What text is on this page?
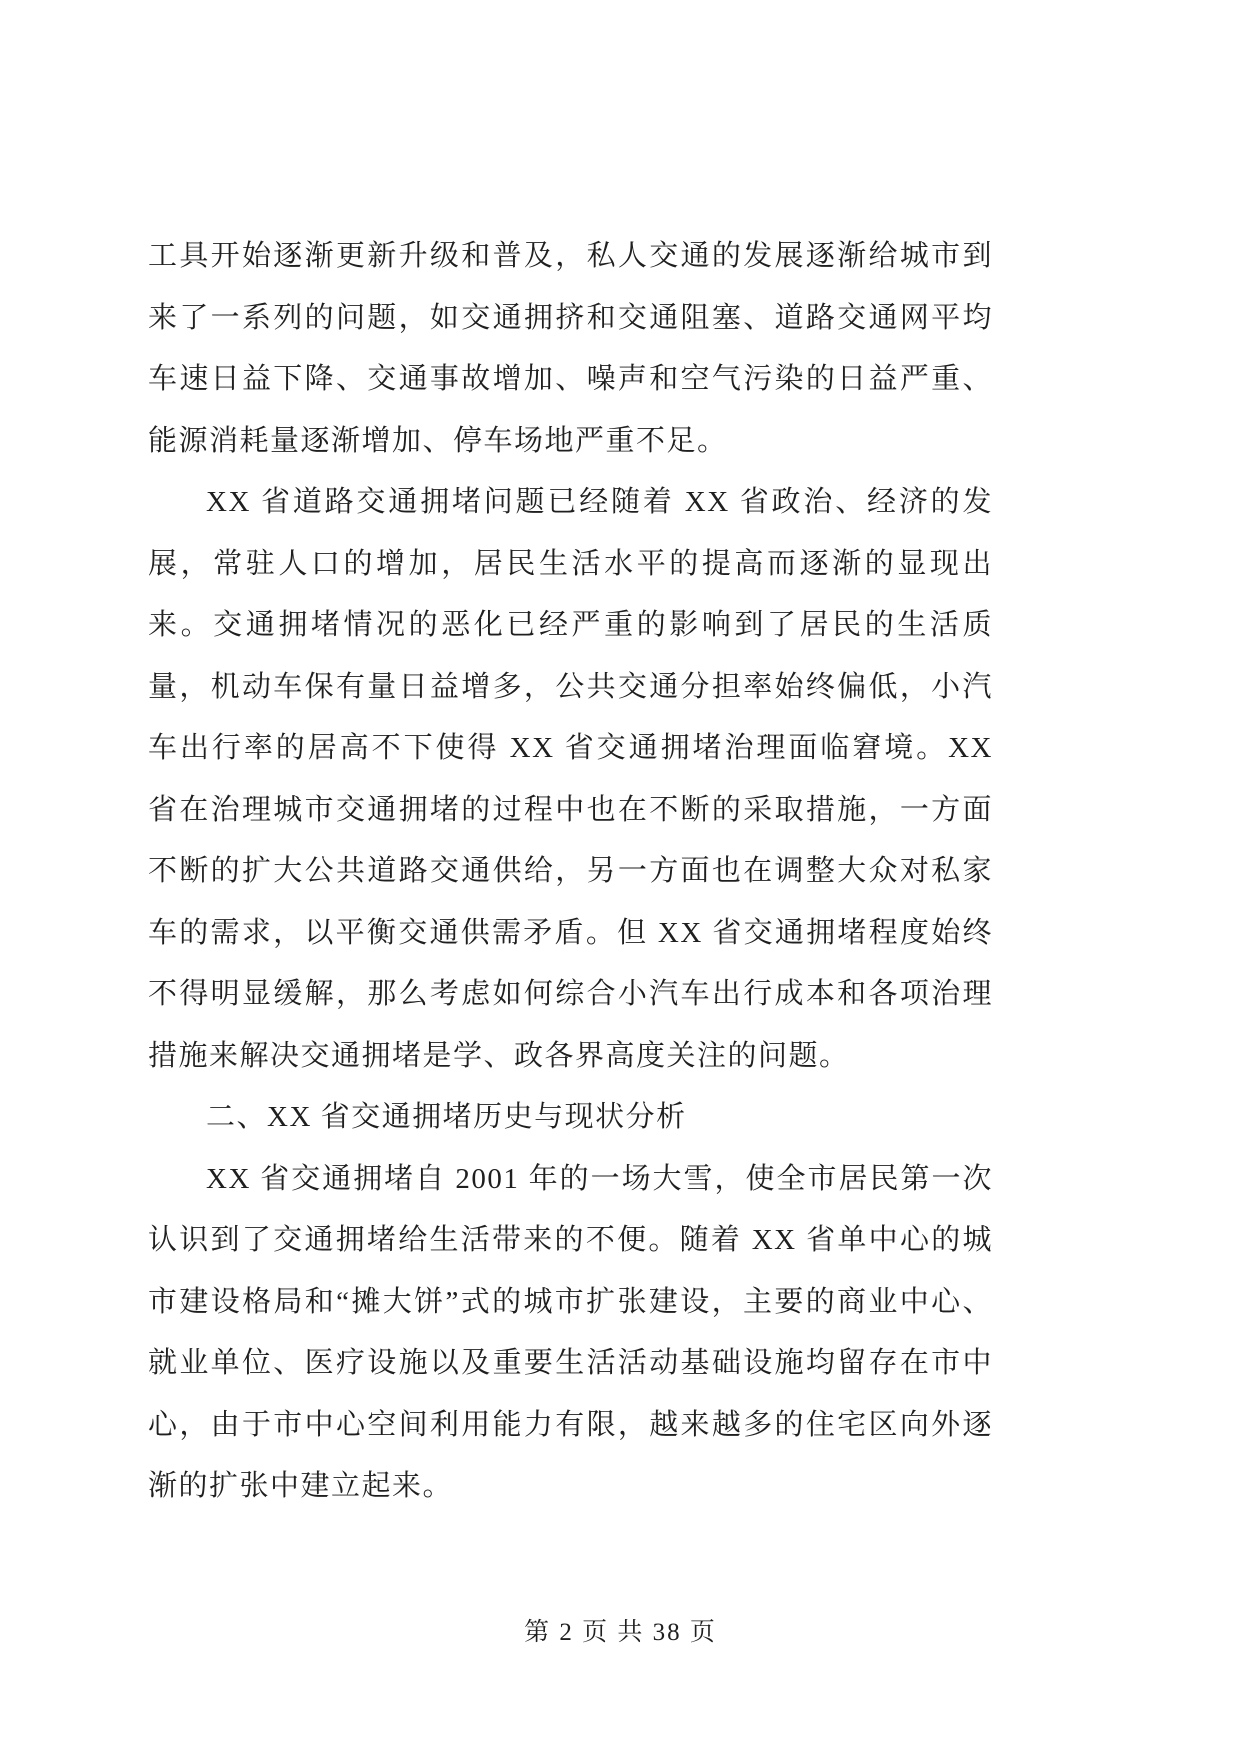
工具开始逐渐更新升级和普及，私人交通的发展逐渐给城市到来了一系列的问题，如交通拥挤和交通阻塞、道路交通网平均车速日益下降、交通事故增加、噪声和空气污染的日益严重、能源消耗量逐渐增加、停车场地严重不足。

XX 省道路交通拥堵问题已经随着 XX 省政治、经济的发展，常驻人口的增加，居民生活水平的提高而逐渐的显现出来。交通拥堵情况的恶化已经严重的影响到了居民的生活质量，机动车保有量日益增多，公共交通分担率始终偏低，小汽车出行率的居高不下使得 XX 省交通拥堵治理面临窘境。XX 省在治理城市交通拥堵的过程中也在不断的采取措施，一方面不断的扩大公共道路交通供给，另一方面也在调整大众对私家车的需求，以平衡交通供需矛盾。但 XX 省交通拥堵程度始终不得明显缓解，那么考虑如何综合小汽车出行成本和各项治理措施来解决交通拥堵是学、政各界高度关注的问题。

二、XX 省交通拥堵历史与现状分析

XX 省交通拥堵自 2001 年的一场大雪，使全市居民第一次认识到了交通拥堵给生活带来的不便。随着 XX 省单中心的城市建设格局和“摊大饼”式的城市扩张建设，主要的商业中心、就业单位、医疗设施以及重要生活活动基础设施均留存在市中心，由于市中心空间利用能力有限，越来越多的住宅区向外逐渐的扩张中建立起来。

第 2 页 共 38 页
